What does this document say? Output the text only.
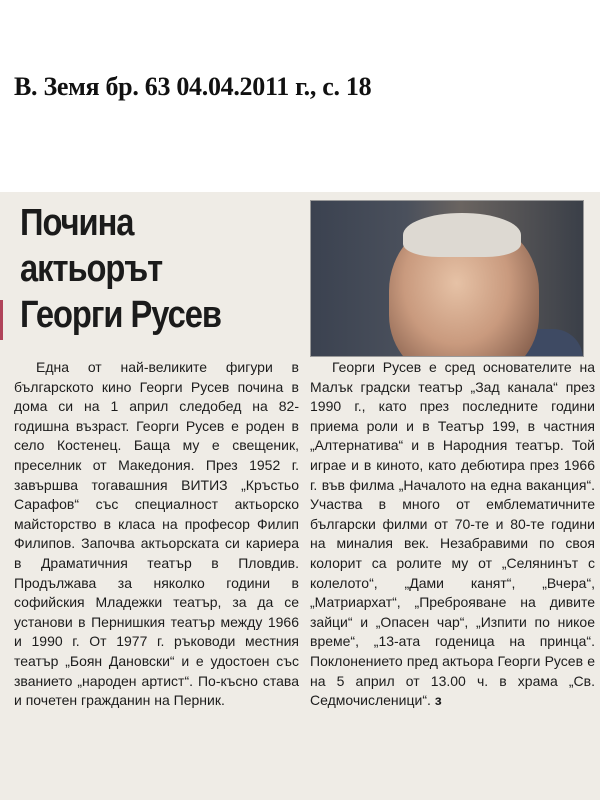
В. Земя бр. 63 04.04.2011 г., с. 18
Почина актьорът
Георги Русев

Една от най-великите фигури в българското кино Георги Русев почина в дома си на 1 април следобед на 82-годишна възраст. Георги Русев е роден в село Костенец. Бащa му е свещеник, преселник от Македония. През 1952 г. завършва тогавашния ВИТИЗ „Кръстьо Сарафов“ със специалност актьорско майсторство в класа на професор Филип Филипов. Започва актьорската си кариера в Драматичния театър в Пловдив. Продължава за няколко години в софийския Младежки театър, за да се установи в Пернишкия театър между 1966 и 1990 г. От 1977 г. ръководи местния театър „Боян Дановски“ и е удостоен със званието „народен артист“. По-късно става и почетен гражданин на Перник.

Георги Русев е сред основателите на Малък градски театър „Зад канала“ през 1990 г., като през последните години приема роли и в Театър 199, в частния „Алтернатива“ и в Народния театър. Той играе и в киното, като дебютира през 1966 г. във филма „Началото на една ваканция“. Участва в много от емблематичните български филми от 70-те и 80-те години на миналия век. Незабравими по своя колорит са ролите му от „Селянинът с колелото“, „Дами канят“, „Вчера“, „Матриархат“, „Преброяване на дивите зайци“ и „Опасен чар“, „Изпити по никое време“, „13-ата годеница на принца“. Поклонението пред актьора Георги Русев е на 5 април от 13.00 ч. в храма „Св. Седмочисленици“. з
